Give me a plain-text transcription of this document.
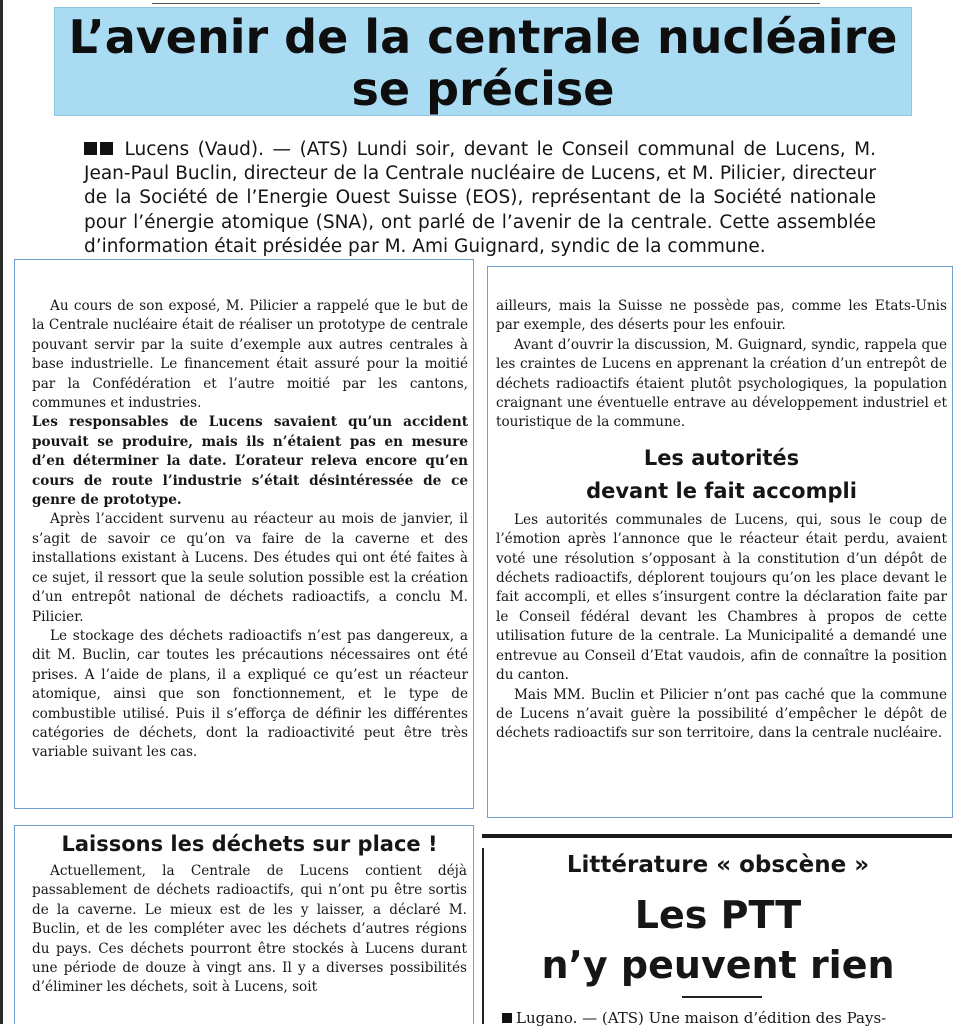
L’avenir de la centrale nucléaire
se précise

Lucens (Vaud). — (ATS) Lundi soir, devant le Conseil communal de Lucens, M. Jean-Paul Buclin, directeur de la Centrale nucléaire de Lucens, et M. Pilicier, directeur de la Société de l’Energie Ouest Suisse (EOS), représentant de la Société nationale pour l’énergie atomique (SNA), ont parlé de l’avenir de la centrale. Cette assemblée d’information était présidée par M. Ami Guignard, syndic de la commune.

Au cours de son exposé, M. Pilicier a rappelé que le but de la Centrale nucléaire était de réaliser un prototype de centrale pouvant servir par la suite d’exemple aux autres centrales à base industrielle. Le financement était assuré pour la moitié par la Confédération et l’autre moitié par les cantons, communes et industries.

Les responsables de Lucens savaient qu’un accident pouvait se produire, mais ils n’étaient pas en mesure d’en déterminer la date. L’orateur releva encore qu’en cours de route l’industrie s’était désintéressée de ce genre de prototype.

Après l’accident survenu au réacteur au mois de janvier, il s’agit de savoir ce qu’on va faire de la caverne et des installations existant à Lucens. Des études qui ont été faites à ce sujet, il ressort que la seule solution possible est la création d’un entrepôt national de déchets radioactifs, a conclu M. Pilicier.

Le stockage des déchets radioactifs n’est pas dangereux, a dit M. Buclin, car toutes les précautions nécessaires ont été prises. A l’aide de plans, il a expliqué ce qu’est un réacteur atomique, ainsi que son fonctionnement, et le type de combustible utilisé. Puis il s’efforça de définir les différentes catégories de déchets, dont la radioactivité peut être très variable suivant les cas.

ailleurs, mais la Suisse ne possède pas, comme les Etats-Unis par exemple, des déserts pour les enfouir.

Avant d’ouvrir la discussion, M. Guignard, syndic, rappela que les craintes de Lucens en apprenant la création d’un entrepôt de déchets radioactifs étaient plutôt psychologiques, la population craignant une éventuelle entrave au développement industriel et touristique de la commune.

Les autorités
devant le fait accompli

Les autorités communales de Lucens, qui, sous le coup de l’émotion après l’annonce que le réacteur était perdu, avaient voté une résolution s’opposant à la constitution d’un dépôt de déchets radioactifs, déplorent toujours qu’on les place devant le fait accompli, et elles s’insurgent contre la déclaration faite par le Conseil fédéral devant les Chambres à propos de cette utilisation future de la centrale. La Municipalité a demandé une entrevue au Conseil d’Etat vaudois, afin de connaître la position du canton.

Mais MM. Buclin et Pilicier n’ont pas caché que la commune de Lucens n’avait guère la possibilité d’empêcher le dépôt de déchets radioactifs sur son territoire, dans la centrale nucléaire.

Laissons les déchets sur place !

Actuellement, la Centrale de Lucens contient déjà passablement de déchets radioactifs, qui n’ont pu être sortis de la caverne. Le mieux est de les y laisser, a déclaré M. Buclin, et de les compléter avec les déchets d’autres régions du pays. Ces déchets pourront être stockés à Lucens durant une période de douze à vingt ans. Il y a diverses possibilités d’éliminer les déchets, soit à Lucens, soit

Littérature « obscène »
Les PTT
n’y peuvent rien
Lugano. — (ATS) Une maison d’édition des Pays-
